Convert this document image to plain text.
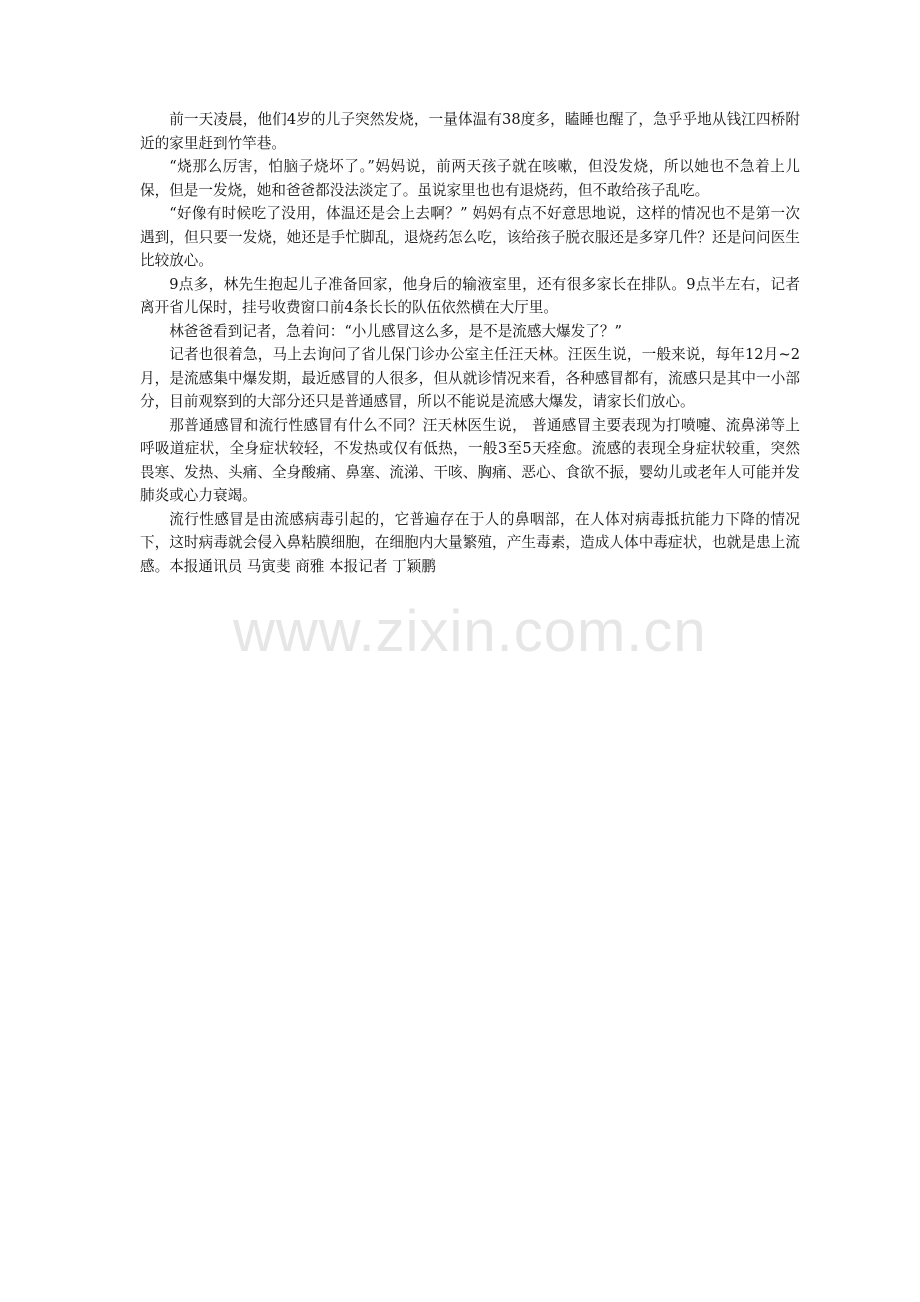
前一天凌晨，他们4岁的儿子突然发烧，一量体温有38度多，瞌睡也醒了，急乎乎地从钱江四桥附近的家里赶到竹竿巷。

“烧那么厉害，怕脑子烧坏了。”妈妈说，前两天孩子就在咳嗽，但没发烧，所以她也不急着上儿保，但是一发烧，她和爸爸都没法淡定了。虽说家里也也有退烧药，但不敢给孩子乱吃。

“好像有时候吃了没用，体温还是会上去啊？” 妈妈有点不好意思地说，这样的情况也不是第一次遇到，但只要一发烧，她还是手忙脚乱，退烧药怎么吃，该给孩子脱衣服还是多穿几件？还是问问医生比较放心。

9点多，林先生抱起儿子准备回家，他身后的输液室里，还有很多家长在排队。9点半左右，记者离开省儿保时，挂号收费窗口前4条长长的队伍依然横在大厅里。

林爸爸看到记者，急着问：“小儿感冒这么多，是不是流感大爆发了？”

记者也很着急，马上去询问了省儿保门诊办公室主任汪天林。汪医生说，一般来说，每年12月~2月，是流感集中爆发期，最近感冒的人很多，但从就诊情况来看，各种感冒都有，流感只是其中一小部分，目前观察到的大部分还只是普通感冒，所以不能说是流感大爆发，请家长们放心。

那普通感冒和流行性感冒有什么不同？汪天林医生说， 普通感冒主要表现为打喷嚏、流鼻涕等上呼吸道症状，全身症状较轻，不发热或仅有低热，一般3至5天痊愈。流感的表现全身症状较重，突然畏寒、发热、头痛、全身酸痛、鼻塞、流涕、干咳、胸痛、恶心、食欲不振，婴幼儿或老年人可能并发肺炎或心力衰竭。

流行性感冒是由流感病毒引起的，它普遍存在于人的鼻咽部，在人体对病毒抵抗能力下降的情况下，这时病毒就会侵入鼻粘膜细胞，在细胞内大量繁殖，产生毒素，造成人体中毒症状，也就是患上流感。本报通讯员 马寅斐 商雅 本报记者 丁颖鹏

www.zixin.com.cn
